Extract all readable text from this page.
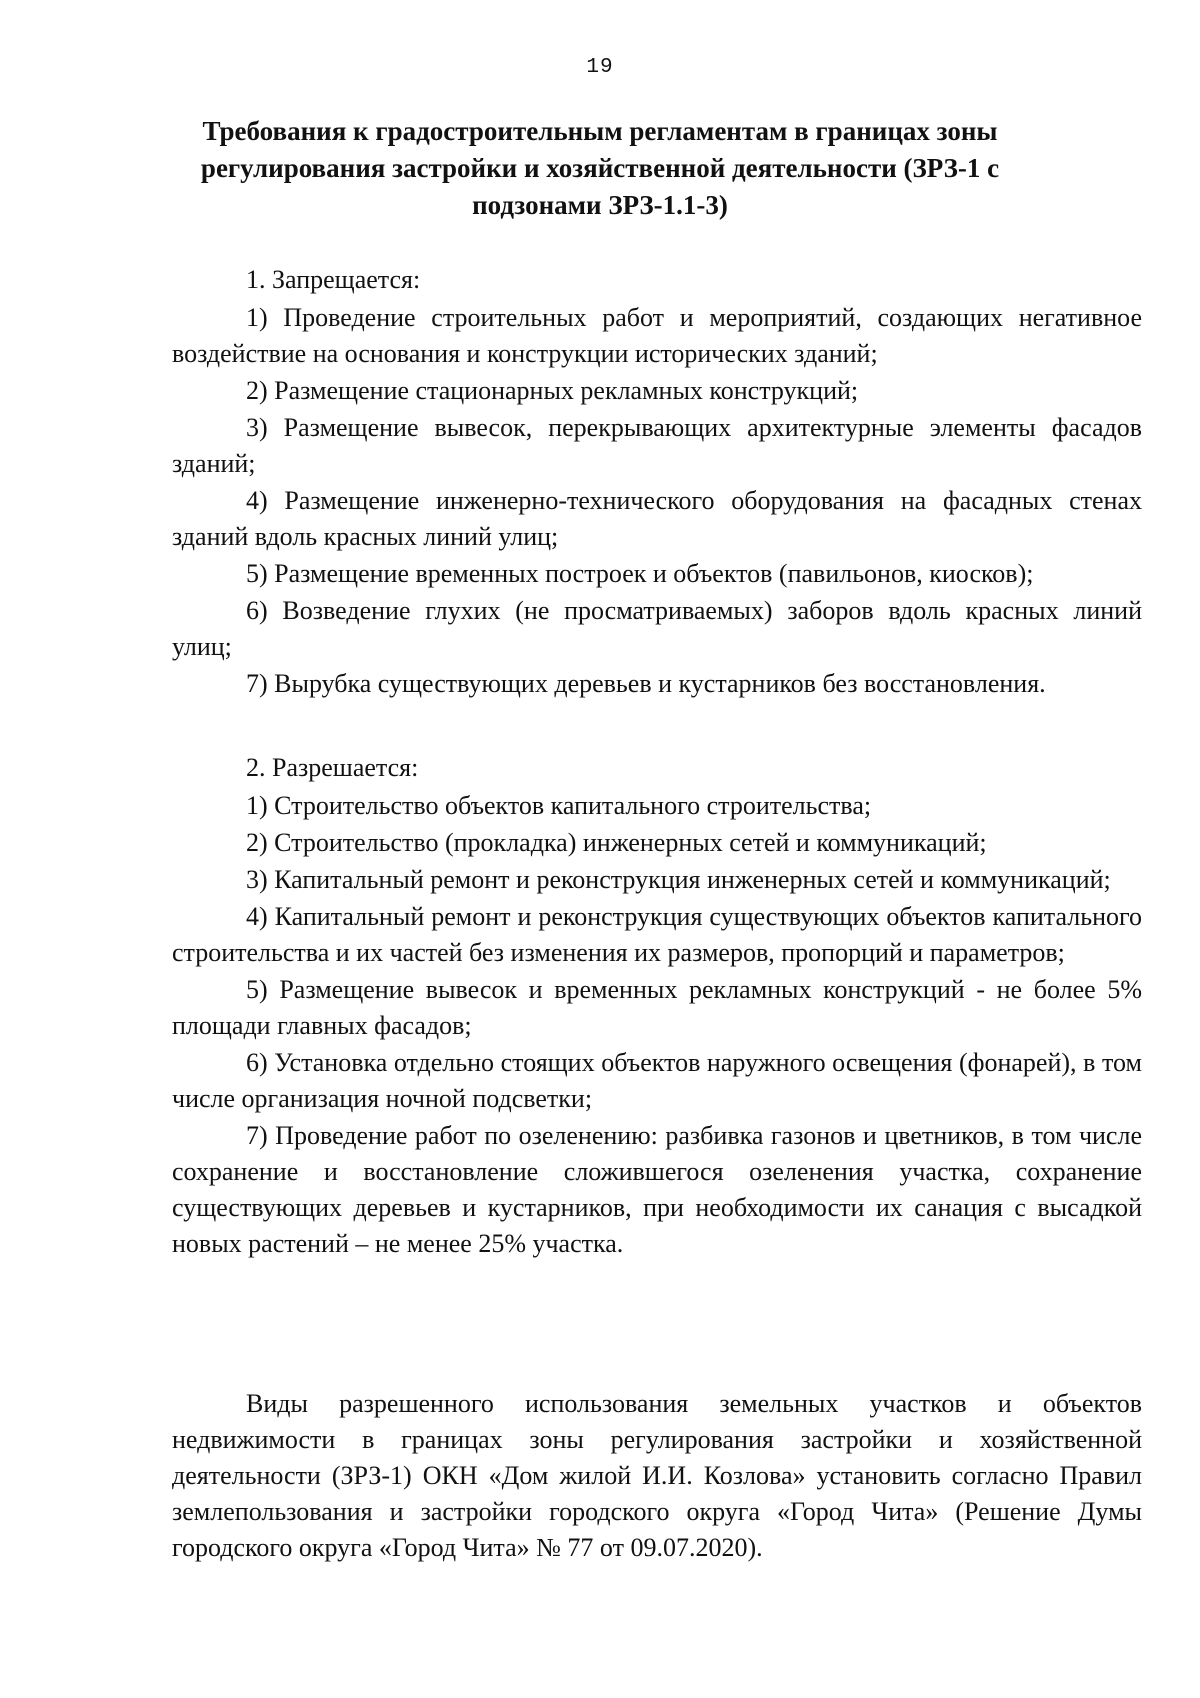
19
Требования к градостроительным регламентам в границах зоны
регулирования застройки и хозяйственной деятельности (ЗРЗ-1 с
подзонами ЗРЗ-1.1-3)

1. Запрещается:

1) Проведение строительных работ и мероприятий, создающих негативное воздействие на основания и конструкции исторических зданий;

2) Размещение стационарных рекламных конструкций;

3) Размещение вывесок, перекрывающих архитектурные элементы фасадов зданий;

4) Размещение инженерно-технического оборудования на фасадных стенах зданий вдоль красных линий улиц;

5) Размещение временных построек и объектов (павильонов, киосков);

6) Возведение глухих (не просматриваемых) заборов вдоль красных линий улиц;

7) Вырубка существующих деревьев и кустарников без восстановления.

2. Разрешается:

1) Строительство объектов капитального строительства;

2) Строительство (прокладка) инженерных сетей и коммуникаций;

3) Капитальный ремонт и реконструкция инженерных сетей и коммуникаций;

4) Капитальный ремонт и реконструкция существующих объектов капитального строительства и их частей без изменения их размеров, пропорций и параметров;

5) Размещение вывесок и временных рекламных конструкций - не более 5% площади главных фасадов;

6) Установка отдельно стоящих объектов наружного освещения (фонарей), в том числе организация ночной подсветки;

7) Проведение работ по озеленению: разбивка газонов и цветников, в том числе сохранение и восстановление сложившегося озеленения участка, сохранение существующих деревьев и кустарников, при необходимости их санация с высадкой новых растений – не менее 25% участка.

Виды разрешенного использования земельных участков и объектов недвижимости в границах зоны регулирования застройки и хозяйственной деятельности (ЗРЗ-1) ОКН «Дом жилой И.И. Козлова» установить согласно Правил землепользования и застройки городского округа «Город Чита» (Решение Думы городского округа «Город Чита» № 77 от 09.07.2020).
